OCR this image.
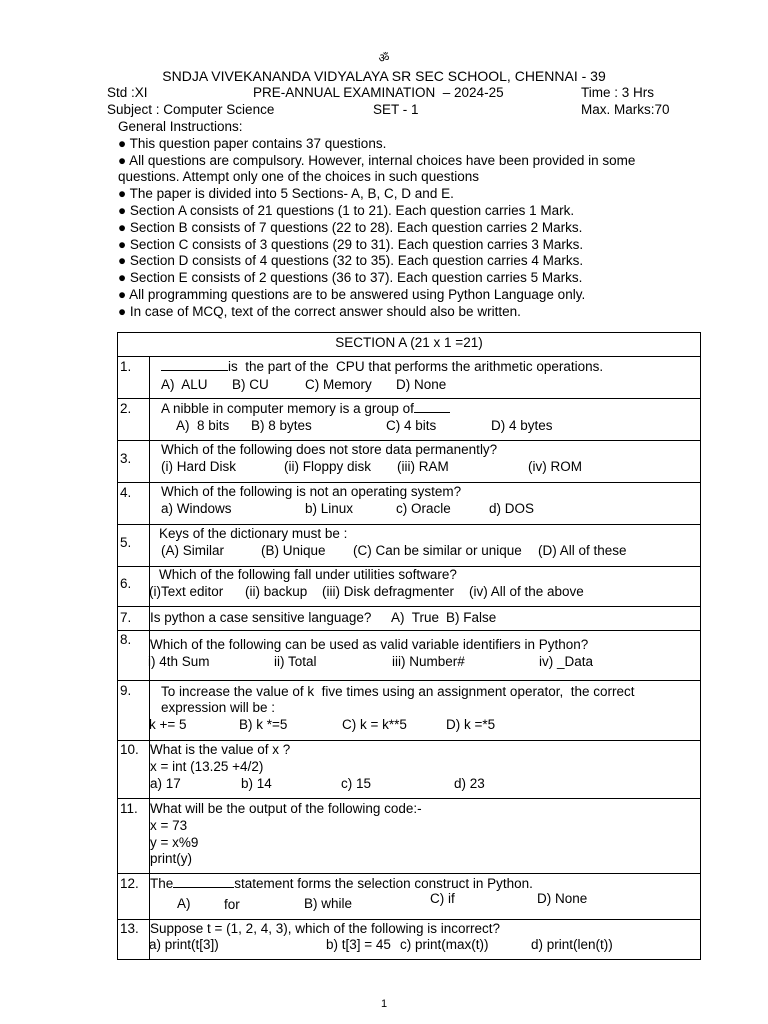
ॐ
SNDJA VIVEKANANDA VIDYALAYA SR SEC SCHOOL, CHENNAI - 39
Std :XI	PRE-ANNUAL EXAMINATION  – 2024-25	Time : 3 Hrs
Subject : Computer Science	SET - 1	Max. Marks:70
General Instructions:
● This question paper contains 37 questions.
● All questions are compulsory. However, internal choices have been provided in some
questions. Attempt only one of the choices in such questions
● The paper is divided into 5 Sections- A, B, C, D and E.
● Section A consists of 21 questions (1 to 21). Each question carries 1 Mark.
● Section B consists of 7 questions (22 to 28). Each question carries 2 Marks.
● Section C consists of 3 questions (29 to 31). Each question carries 3 Marks.
● Section D consists of 4 questions (32 to 35). Each question carries 4 Marks.
● Section E consists of 2 questions (36 to 37). Each question carries 5 Marks.
● All programming questions are to be answered using Python Language only.
● In case of MCQ, text of the correct answer should also be written.
SECTION A (21 x 1 =21)
1.	is  the part of the  CPU that performs the arithmetic operations.
A)  ALU B) CU	C) Memory D) None
2. A nibble in computer memory is a group of
A)  8 bits B) 8 bytes	C) 4 bits	D) 4 bytes
3.
Which of the following does not store data permanently?
(i) Hard Disk	(ii) Floppy disk (iii) RAM	(iv) ROM
4. Which of the following is not an operating system?
a) Windows	b) Linux	c) Oracle	d) DOS
5.
Keys of the dictionary must be :
(A) Similar	(B) Unique (C) Can be similar or unique (D) All of these
6.
Which of the following fall under utilities software?
(i)Text editor (ii) backup (iii) Disk defragmenter (iv) All of the above
7. Is python a case sensitive language? A)  True B) False
8. Which of the following can be used as valid variable identifiers in Python?
i) 4th Sum	ii) Total	iii) Number#	iv) _Data
9. To increase the value of k  five times using an assignment operator,  the correct
expression will be :
k += 5	B) k *=5	C) k = k**5	D) k =*5
10. What is the value of x ?
x = int (13.25 +4/2)
a) 17	b) 14	c) 15	d) 23
11. What will be the output of the following code:-
x = 73
y = x%9
print(y)
12. The	statement forms the selection construct in Python.
A) for	B) while	C) if	D) None
13. Suppose t = (1, 2, 4, 3), which of the following is incorrect?
a) print(t[3])	b) t[3] = 45 c) print(max(t))	d) print(len(t))
1
